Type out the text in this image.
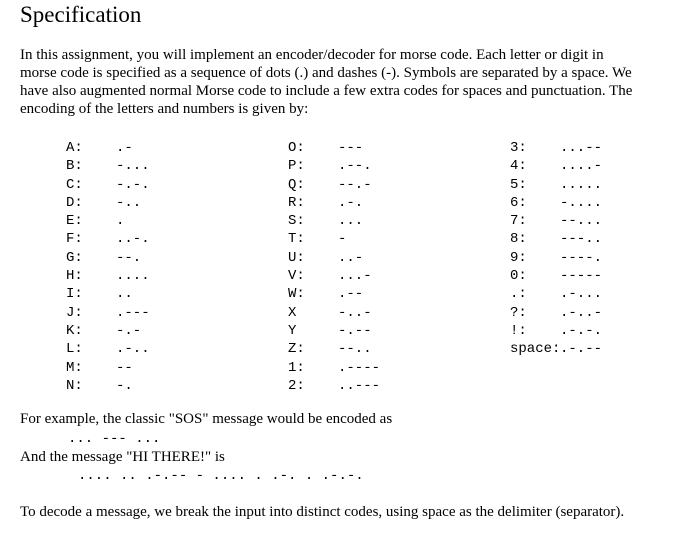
Specification
In this assignment, you will implement an encoder/decoder for morse code. Each letter or digit in
morse code is specified as a sequence of dots (.) and dashes (-). Symbols are separated by a space. We
have also augmented normal Morse code to include a few extra codes for spaces and punctuation. The
encoding of the letters and numbers is given by:
A: .-
B: -...
C: -.-.
D: -..
E: .
F: ..-.
G: --.
H: ....
I: ..
J: .---
K: -.-
L: .-..
M: --
N: -.
O: ---
P: .--.
Q: --.-
R: .-.
S: ...
T: -
U: ..-
V: ...-
W: .--
X	-..-
Y	-.--
Z: --..
1: .----
2: ..---
3: ...--
4: ....-
5: .....
6: -....
7: --...
8: ---..
9: ----.
0: -----
.: .-...
?: .-..-
!: .-.-.
space: .-.--
For example, the classic "SOS" message would be encoded as
... --- ...
And the message "HI THERE!" is
.... .. .-.-- - .... . .-. . .-.-.
To decode a message, we break the input into distinct codes, using space as the delimiter (separator).
